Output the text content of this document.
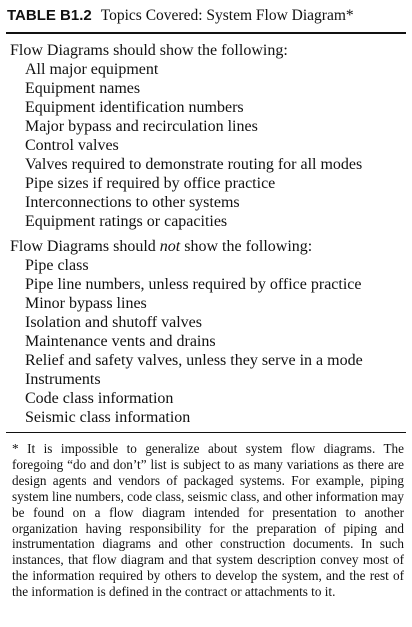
TABLE B1.2 Topics Covered: System Flow Diagram*
Flow Diagrams should show the following:
All major equipment
Equipment names
Equipment identification numbers
Major bypass and recirculation lines
Control valves
Valves required to demonstrate routing for all modes
Pipe sizes if required by office practice
Interconnections to other systems
Equipment ratings or capacities
Flow Diagrams should not show the following:
Pipe class
Pipe line numbers, unless required by office practice
Minor bypass lines
Isolation and shutoff valves
Maintenance vents and drains
Relief and safety valves, unless they serve in a mode
Instruments
Code class information
Seismic class information

* It is impossible to generalize about system flow diagrams. The foregoing “do and don’t” list is subject to as many variations as there are design agents and vendors of packaged systems. For example, piping system line numbers, code class, seismic class, and other information may be found on a flow diagram intended for presentation to another organization having responsibility for the preparation of piping and instrumentation diagrams and other construction documents. In such instances, that flow diagram and that system description convey most of the information required by others to develop the system, and the rest of the information is defined in the contract or attachments to it.
